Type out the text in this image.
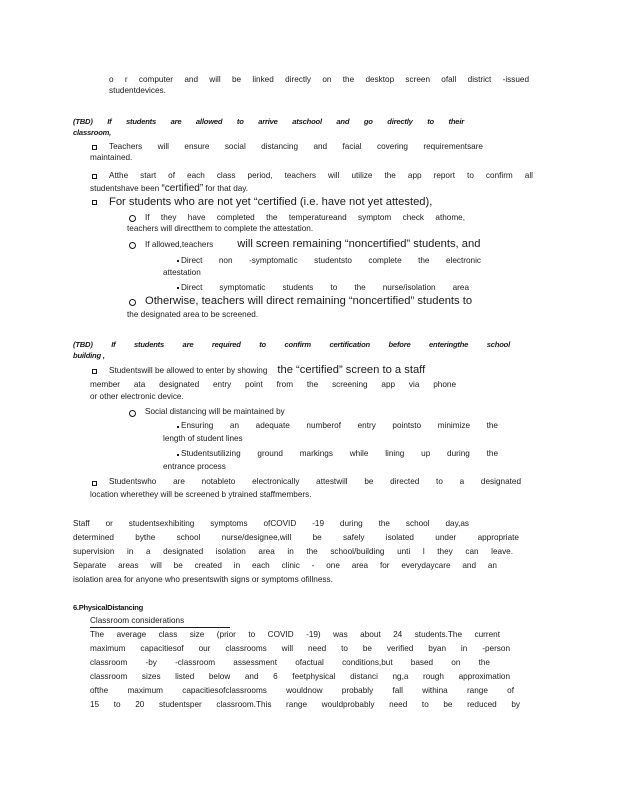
o r computer and will be linked directly on the desktop screen ofall district -issued
studentdevices.
(TBD) If students are allowed to arrive atschool and go directly to their
classroom,
Teachers will ensure social distancing and facial covering requirementsare
maintained.
Atthe start of each class period, teachers will utilize the app report to confirm all
studentshave been “certified” for that day.
For students who are not yet “certified (i.e. have not yet attested),
If they have completed the temperatureand symptom check athome,
teachers will directthem to complete the attestation.
If allowed,teachers will screen remaining “noncertified” students, and
Direct non -symptomatic studentsto complete the electronic
attestation
Direct symptomatic students to the nurse/isolation area
Otherwise, teachers will direct remaining “noncertified” students to
the designated area to be screened.
(TBD) If students are required to confirm certification before enteringthe school
building ,
Studentswill be allowed to enter by showing the “certified” screen to a staff
member ata designated entry point from the screening app via phone
or other electronic device.
Social distancing will be maintained by
Ensuring an adequate numberof entry pointsto minimize the
length of student lines
Studentsutilizing ground markings while lining up during the
entrance process
Studentswho are notableto electronically attestwill be directed to a designated
location wherethey will be screened b ytrained staffmembers.
Staff or studentsexhibiting symptoms ofCOVID -19 during the school day,as
determined bythe school nurse/designee,will be safely isolated under appropriate
supervision in a designated isolation area in the school/building unti l they can leave.
Separate areas will be created in each clinic - one area for everydaycare and an
isolation area for anyone who presentswith signs or symptoms ofillness.
6.PhysicalDistancing
Classroom considerations
The average class size (prior to COVID -19) was about 24 students.The current
maximum capacitiesof our classrooms will need to be verified byan in -person
classroom -by -classroom assessment ofactual conditions,but based on the
classroom sizes listed below and 6 feetphysical distanci ng,a rough approximation
ofthe maximum capacitiesofclassrooms wouldnow probably fall withina range of
15 to 20 studentsper classroom.This range wouldprobably need to be reduced by
